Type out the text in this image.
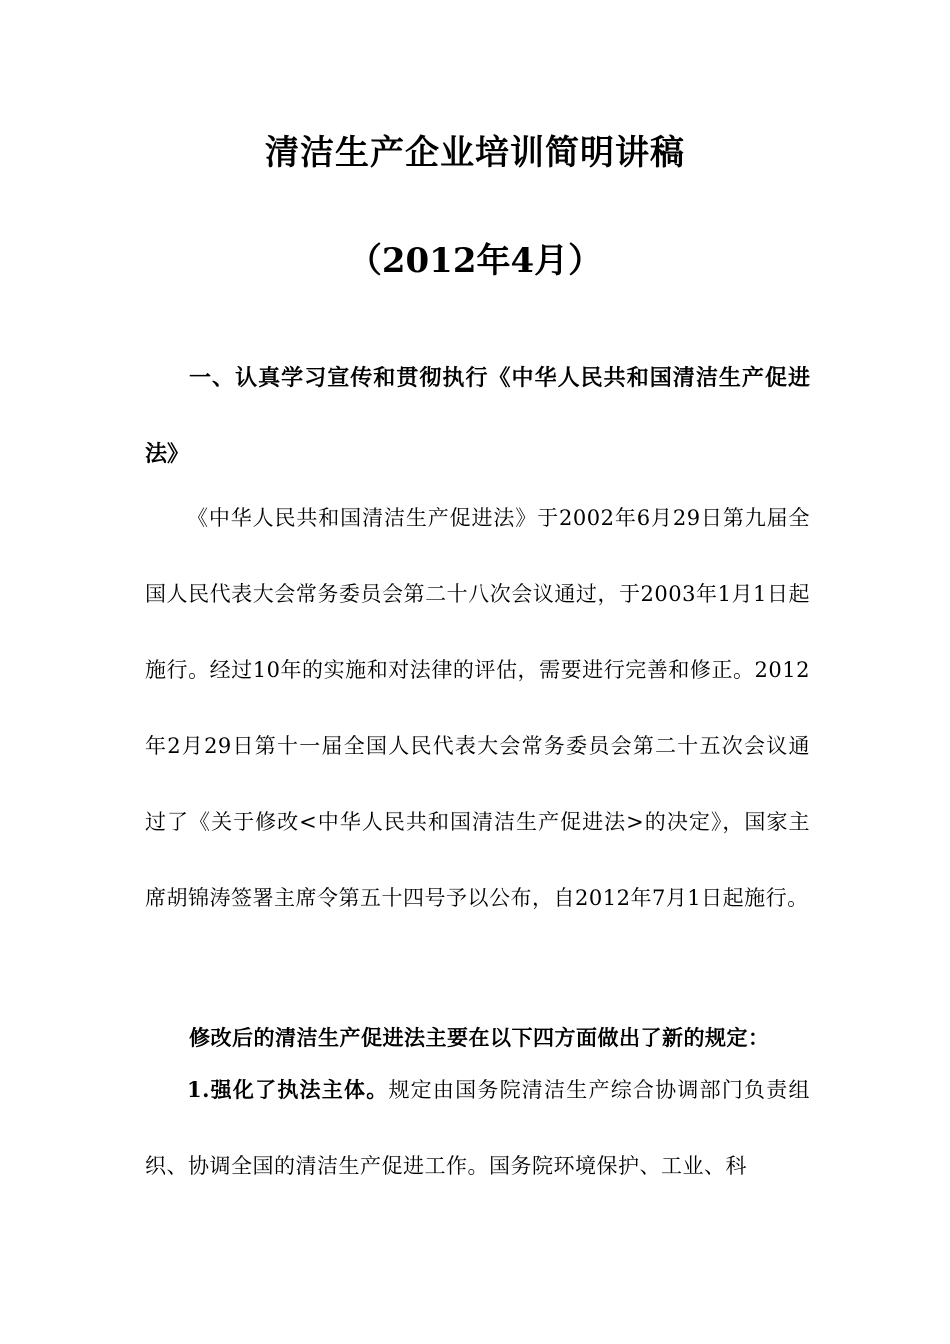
清洁生产企业培训简明讲稿
（2012年4月）
一、认真学习宣传和贯彻执行《中华人民共和国清洁生产促进法》
《中华人民共和国清洁生产促进法》于2002年6月29日第九届全国人民代表大会常务委员会第二十八次会议通过，于2003年1月1日起施行。经过10年的实施和对法律的评估，需要进行完善和修正。2012年2月29日第十一届全国人民代表大会常务委员会第二十五次会议通过了《关于修改<中华人民共和国清洁生产促进法>的决定》，国家主席胡锦涛签署主席令第五十四号予以公布，自2012年7月1日起施行。
修改后的清洁生产促进法主要在以下四方面做出了新的规定：
1.强化了执法主体。规定由国务院清洁生产综合协调部门负责组织、协调全国的清洁生产促进工作。国务院环境保护、工业、科
